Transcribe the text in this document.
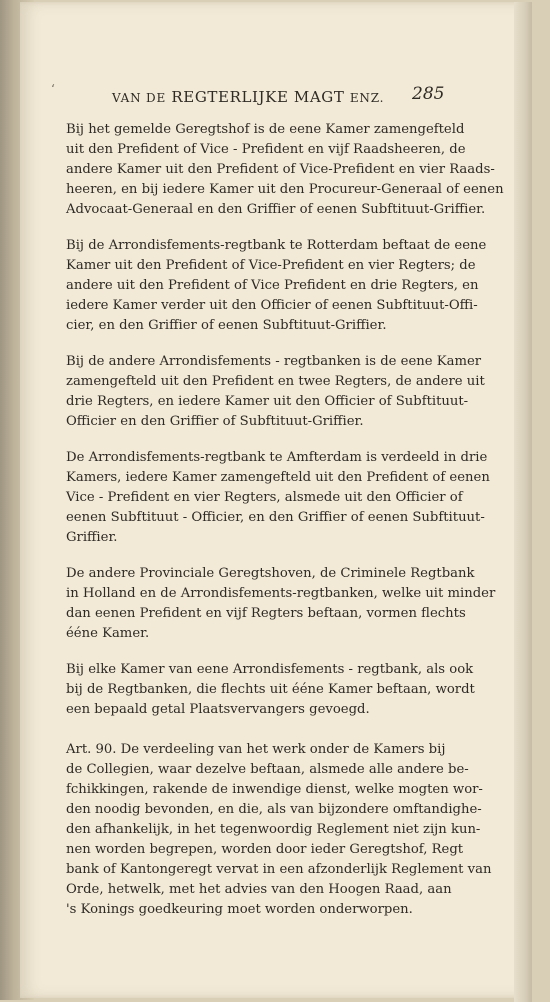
‘
VAN DE REGTERLIJKE MAGT ENZ.	285

Bij het gemelde Geregtshof is de eene Kamer zamengefteld
uit den Prefident of Vice - Prefident en vijf Raadsheeren, de
andere Kamer uit den Prefident of Vice-Prefident en vier Raads-
heeren, en bij iedere Kamer uit den Procureur-Generaal of eenen
Advocaat-Generaal en den Griffier of eenen Subftituut-Griffier.

Bij de Arrondisfements-regtbank te Rotterdam beftaat de eene
Kamer uit den Prefident of Vice-Prefident en vier Regters; de
andere uit den Prefident of Vice Prefident en drie Regters, en
iedere Kamer verder uit den Officier of eenen Subftituut-Offi-
cier, en den Griffier of eenen Subftituut-Griffier.

Bij de andere Arrondisfements - regtbanken is de eene Kamer
zamengefteld uit den Prefident en twee Regters, de andere uit
drie Regters, en iedere Kamer uit den Officier of Subftituut-
Officier en den Griffier of Subftituut-Griffier.

De Arrondisfements-regtbank te Amfterdam is verdeeld in drie
Kamers, iedere Kamer zamengefteld uit den Prefident of eenen
Vice - Prefident en vier Regters, alsmede uit den Officier of
eenen Subftituut - Officier, en den Griffier of eenen Subftituut-
Griffier.

De andere Provinciale Geregtshoven, de Criminele Regtbank
in Holland en de Arrondisfements-regtbanken, welke uit minder
dan eenen Prefident en vijf Regters beftaan, vormen flechts
ééne Kamer.

Bij elke Kamer van eene Arrondisfements - regtbank, als ook
bij de Regtbanken, die flechts uit ééne Kamer beftaan, wordt
een bepaald getal Plaatsvervangers gevoegd.

Art. 90. De verdeeling van het werk onder de Kamers bij
de Collegien, waar dezelve beftaan, alsmede alle andere be-
fchikkingen, rakende de inwendige dienst, welke mogten wor-
den noodig bevonden, en die, als van bijzondere omftandighe-
den afhankelijk, in het tegenwoordig Reglement niet zijn kun-
nen worden begrepen, worden door ieder Geregtshof, Regt
bank of Kantongeregt vervat in een afzonderlijk Reglement van
Orde, hetwelk, met het advies van den Hoogen Raad, aan
's Konings goedkeuring moet worden onderworpen.
